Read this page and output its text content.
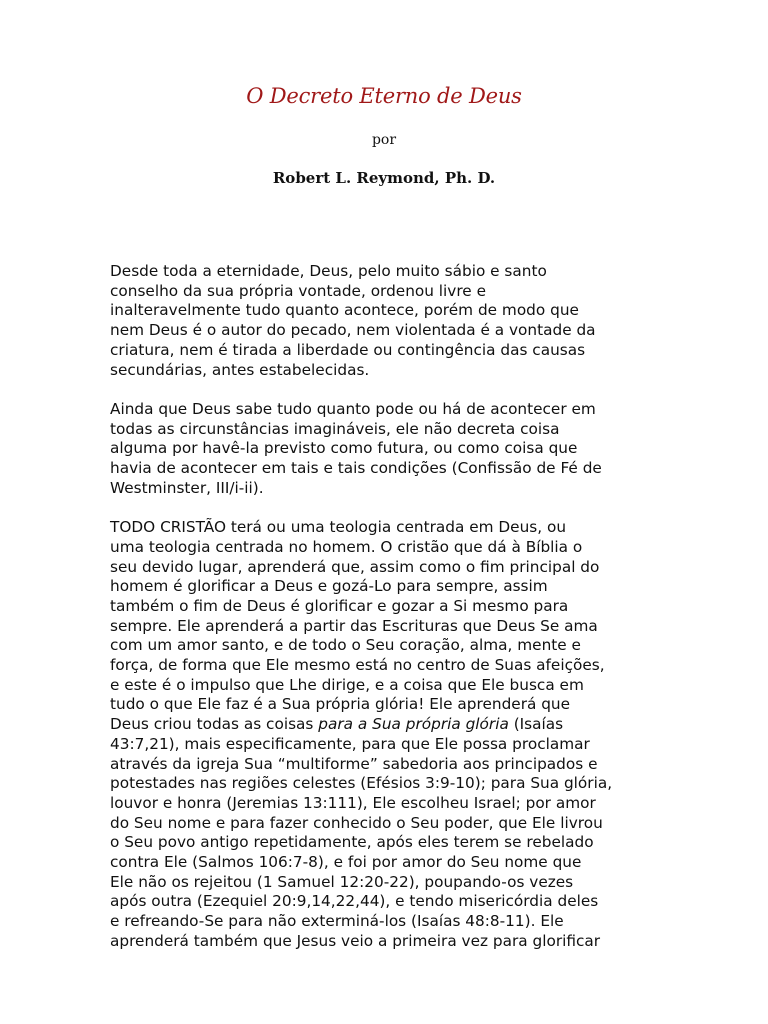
O Decreto Eterno de Deus
por
Robert L. Reymond, Ph. D.

Desde toda a eternidade, Deus, pelo muito sábio e santo
conselho da sua própria vontade, ordenou livre e
inalteravelmente tudo quanto acontece, porém de modo que
nem Deus é o autor do pecado, nem violentada é a vontade da
criatura, nem é tirada a liberdade ou contingência das causas
secundárias, antes estabelecidas.

Ainda que Deus sabe tudo quanto pode ou há de acontecer em
todas as circunstâncias imagináveis, ele não decreta coisa
alguma por havê-la previsto como futura, ou como coisa que
havia de acontecer em tais e tais condições (Confissão de Fé de
Westminster, III/i-ii).

TODO CRISTÃO terá ou uma teologia centrada em Deus, ou
uma teologia centrada no homem. O cristão que dá à Bíblia o
seu devido lugar, aprenderá que, assim como o fim principal do
homem é glorificar a Deus e gozá-Lo para sempre, assim
também o fim de Deus é glorificar e gozar a Si mesmo para
sempre. Ele aprenderá a partir das Escrituras que Deus Se ama
com um amor santo, e de todo o Seu coração, alma, mente e
força, de forma que Ele mesmo está no centro de Suas afeições,
e este é o impulso que Lhe dirige, e a coisa que Ele busca em
tudo o que Ele faz é a Sua própria glória! Ele aprenderá que
Deus criou todas as coisas para a Sua própria glória (Isaías
43:7,21), mais especificamente, para que Ele possa proclamar
através da igreja Sua “multiforme” sabedoria aos principados e
potestades nas regiões celestes (Efésios 3:9-10); para Sua glória,
louvor e honra (Jeremias 13:111), Ele escolheu Israel; por amor
do Seu nome e para fazer conhecido o Seu poder, que Ele livrou
o Seu povo antigo repetidamente, após eles terem se rebelado
contra Ele (Salmos 106:7-8), e foi por amor do Seu nome que
Ele não os rejeitou (1 Samuel 12:20-22), poupando-os vezes
após outra (Ezequiel 20:9,14,22,44), e tendo misericórdia deles
e refreando-Se para não exterminá-los (Isaías 48:8-11). Ele
aprenderá também que Jesus veio a primeira vez para glorificar
